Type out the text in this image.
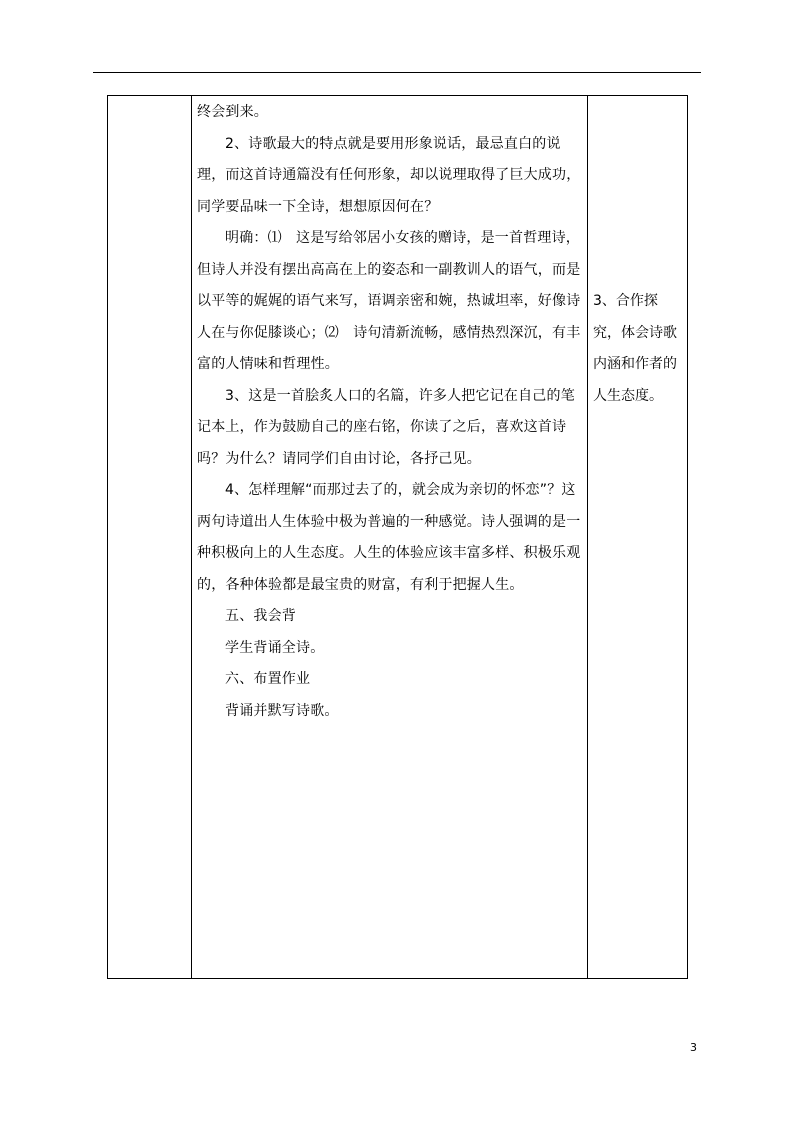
终会到来。

2、诗歌最大的特点就是要用形象说话，最忌直白的说理，而这首诗通篇没有任何形象，却以说理取得了巨大成功，同学要品味一下全诗，想想原因何在？

明确：⑴　这是写给邻居小女孩的赠诗，是一首哲理诗，但诗人并没有摆出高高在上的姿态和一副教训人的语气，而是以平等的娓娓的语气来写，语调亲密和婉，热诚坦率，好像诗人在与你促膝谈心；⑵　诗句清新流畅，感情热烈深沉，有丰富的人情味和哲理性。

3、这是一首脍炙人口的名篇，许多人把它记在自己的笔记本上，作为鼓励自己的座右铭，你读了之后，喜欢这首诗吗？为什么？请同学们自由讨论，各抒己见。

4、怎样理解“而那过去了的，就会成为亲切的怀恋”？这两句诗道出人生体验中极为普遍的一种感觉。诗人强调的是一种积极向上的人生态度。人生的体验应该丰富多样、积极乐观的，各种体验都是最宝贵的财富，有利于把握人生。

五、我会背

学生背诵全诗。

六、布置作业

背诵并默写诗歌。

3、合作探究，体会诗歌内涵和作者的人生态度。
3
